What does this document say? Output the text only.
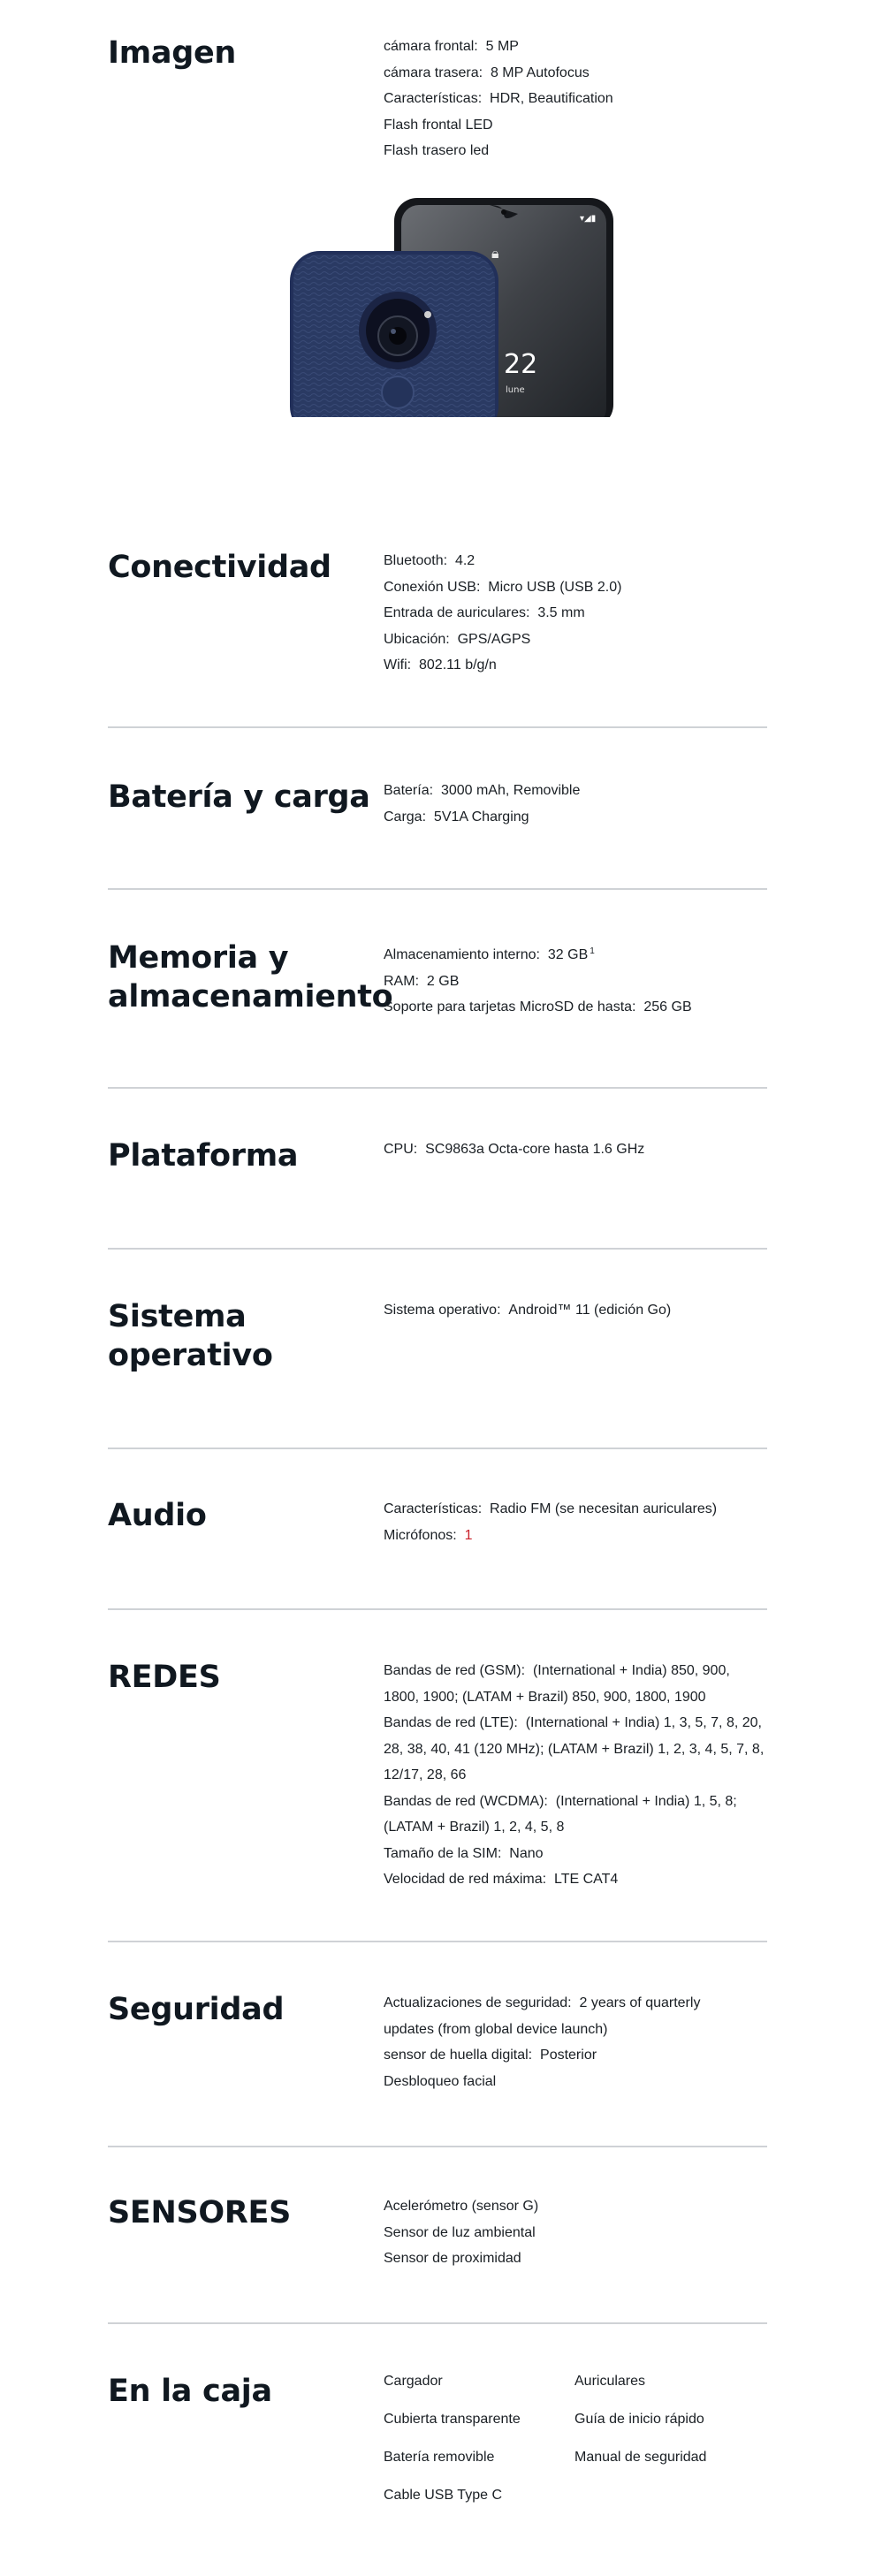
Imagen	cámara frontal : 5 MP
cámara trasera : 8 MP Autofocus
Características : HDR, Beautification
Flash frontal LED
Flash trasero led
▾◢▮
🔒︎
22
lune
Conectividad	Bluetooth : 4.2
Conexión USB : Micro USB (USB 2.0)
Entrada de auriculares : 3.5 mm
Ubicación : GPS/AGPS
Wifi : 802.11 b/g/n
Batería y carga Batería : 3000 mAh, Removible
Carga : 5V1A Charging
Memoria y
almacenamiento
Almacenamiento interno : 32 GB $^1$
RAM : 2 GB
Soporte para tarjetas MicroSD de hasta : 256 GB
Plataforma	CPU : SC9863a Octa-core hasta 1.6 GHz
Sistema
operativo
Sistema operativo : Android™ 11 (edición Go)
Audio	Características : Radio FM (se necesitan auriculares)
Micrófonos : 1
REDES	Bandas de red (GSM) : (International + India) 850, 900,
1800, 1900; (LATAM + Brazil) 850, 900, 1800, 1900
Bandas de red (LTE) : (International + India) 1, 3, 5, 7, 8, 20,
28, 38, 40, 41 (120 MHz); (LATAM + Brazil) 1, 2, 3, 4, 5, 7, 8,
12/17, 28, 66
Bandas de red (WCDMA) : (International + India) 1, 5, 8;
(LATAM + Brazil) 1, 2, 4, 5, 8
Tamaño de la SIM : Nano
Velocidad de red máxima : LTE CAT4
Seguridad	Actualizaciones de seguridad : 2 years of quarterly
updates (from global device launch)
sensor de huella digital : Posterior
Desbloqueo facial
SENSORES	Acelerómetro (sensor G)
Sensor de luz ambiental
Sensor de proximidad
En la caja	Cargador	Auriculares
Cubierta transparente	Guía de inicio rápido
Batería removible	Manual de seguridad
Cable USB Type C
